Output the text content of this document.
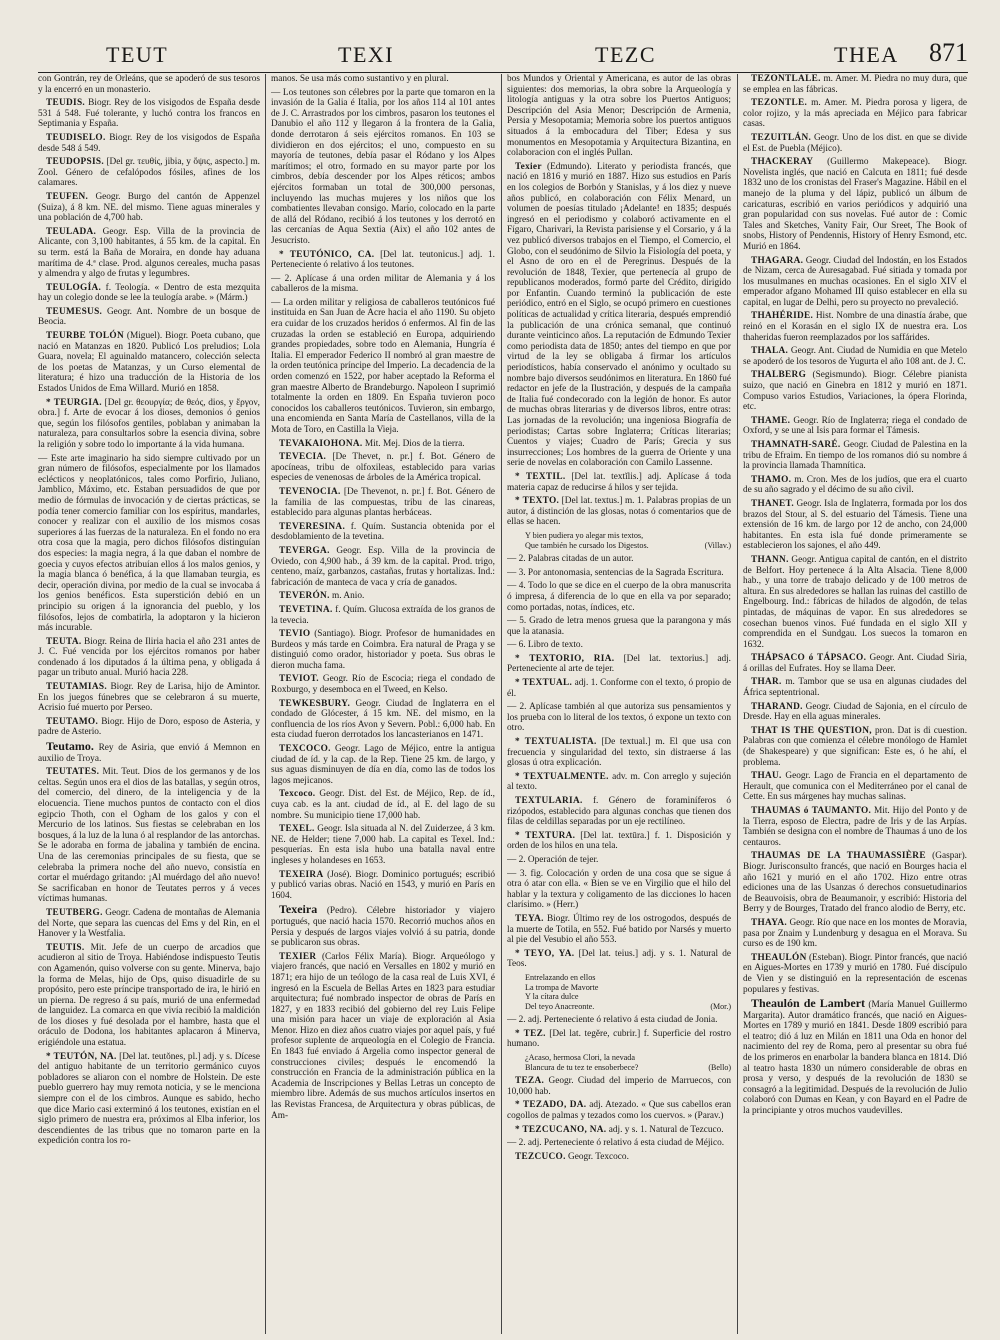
TEUT	TEXI	TEZC	THEA 871

con Gontrán, rey de Orleáns, que se apoderó de sus tesoros y la encerró en un monasterio.

TEUDIS. Biogr. Rey de los visigodos de España desde 531 á 548. Fué tolerante, y luchó contra los francos en Septimania y España.

TEUDISELO. Biogr. Rey de los visigodos de España desde 548 á 549.

TEUDOPSIS. [Del gr. τευθίς, jibia, y ὄψις, aspecto.] m. Zool. Género de cefalópodos fósiles, afines de los calamares.

TEUFEN. Geogr. Burgo del cantón de Appenzel (Suiza), á 8 km. NE. del mismo. Tiene aguas minerales y una población de 4,700 hab.

TEULADA. Geogr. Esp. Villa de la provincia de Alicante, con 3,100 habitantes, á 55 km. de la capital. En su term. está la Baña de Moraira, en donde hay aduana marítima de 4.ª clase. Prod. algunos cereales, mucha pasas y almendra y algo de frutas y legumbres.

TEULOGÍA. f. Teología. « Dentro de esta mezquita hay un colegio donde se lee la teulogía arabe. » (Márm.)

TEUMESUS. Geogr. Ant. Nombre de un bosque de Beocia.

TEURBE TOLÓN (Miguel). Biogr. Poeta cubano, que nació en Matanzas en 1820. Publicó Los preludios; Lola Guara, novela; El aguinaldo matancero, colección selecta de los poetas de Matanzas, y un Curso elemental de literatura; é hizo una traducción de la Historia de los Estados Unidos de Ema Willard. Murió en 1858.

* TEURGIA. [Del gr. θεουργία; de θεός, dios, y ἔργον, obra.] f. Arte de evocar á los dioses, demonios ó genios que, según los filósofos gentiles, poblaban y animaban la naturaleza, para consultarlos sobre la esencia divina, sobre la religión y sobre todo lo importante á la vida humana.

— Este arte imaginario ha sido siempre cultivado por un gran número de filósofos, especialmente por los llamados eclécticos y neoplatónicos, tales como Porfirio, Juliano, Jamblico, Máximo, etc. Estaban persuadidos de que por medio de fórmulas de invocación y de ciertas prácticas, se podía tener comercio familiar con los espíritus, mandarles, conocer y realizar con el auxilio de los mismos cosas superiores á las fuerzas de la naturaleza. En el fondo no era otra cosa que la magia, pero dichos filósofos distinguían dos especies: la magia negra, á la que daban el nombre de goecia y cuyos efectos atribuían ellos á los malos genios, y la magia blanca ó benéfica, á la que llamaban teurgia, es decir, operación divina, por medio de la cual se invocaba á los genios benéficos. Esta superstición debió en un principio su origen á la ignorancia del pueblo, y los filósofos, lejos de combatirla, la adoptaron y la hicieron más incurable.

TEUTA. Biogr. Reina de Iliria hacia el año 231 antes de J. C. Fué vencida por los ejércitos romanos por haber condenado á los diputados á la última pena, y obligada á pagar un tributo anual. Murió hacia 228.

TEUTAMIAS. Biogr. Rey de Larisa, hijo de Amintor. En los juegos fúnebres que se celebraron á su muerte, Acrisio fué muerto por Perseo.

TEUTAMO. Biogr. Hijo de Doro, esposo de Asteria, y padre de Asterio.

Teutamo. Rey de Asiria, que envió á Memnon en auxilio de Troya.

TEUTATES. Mit. Teut. Dios de los germanos y de los celtas. Según unos era el dios de las batallas, y según otros, del comercio, del dinero, de la inteligencia y de la elocuencia. Tiene muchos puntos de contacto con el dios egipcio Thoth, con el Ogham de los galos y con el Mercurio de los latinos. Sus fiestas se celebraban en los bosques, á la luz de la luna ó al resplandor de las antorchas. Se le adoraba en forma de jabalina y también de encina. Una de las ceremonias principales de su fiesta, que se celebraba la primera noche del año nuevo, consistía en cortar el muérdago gritando: ¡Al muérdago del año nuevo! Se sacrificaban en honor de Teutates perros y á veces víctimas humanas.

TEUTBERG. Geogr. Cadena de montañas de Alemania del Norte, que separa las cuencas del Ems y del Rin, en el Hanover y la Westfalia.

TEUTIS. Mit. Jefe de un cuerpo de arcadios que acudieron al sitio de Troya. Habiéndose indispuesto Teutis con Agamenón, quiso volverse con su gente. Minerva, bajo la forma de Melas, hijo de Ops, quiso disuadirle de su propósito, pero este príncipe transportado de ira, le hirió en un pierna. De regreso á su país, murió de una enfermedad de languidez. La comarca en que vivía recibió la maldición de los dioses y fué desolada por el hambre, hasta que el oráculo de Dodona, los habitantes aplacaron á Minerva, erigiéndole una estatua.

* TEUTÓN, NA. [Del lat. teutŏnes, pl.] adj. y s. Dícese del antiguo habitante de un territorio germánico cuyos pobladores se aliaron con el nombre de Holstein. De este pueblo guerrero hay muy remota noticia, y se le menciona siempre con el de los cimbros. Aunque es sabido, hecho que dice Mario casi exterminó á los teutones, existían en el siglo primero de nuestra era, próximos al Elba inferior, los descendientes de las tribus que no tomaron parte en la expedición contra los ro-

manos. Se usa más como sustantivo y en plural.

— Los teutones son célebres por la parte que tomaron en la invasión de la Galia é Italia, por los años 114 al 101 antes de J. C. Arrastrados por los cimbros, pasaron los teutones el Danubio el año 112 y llegaron á la frontera de la Galia, donde derrotaron á seis ejércitos romanos. En 103 se dividieron en dos ejércitos; el uno, compuesto en su mayoría de teutones, debía pasar el Ródano y los Alpes marítimos; el otro, formado en su mayor parte por los cimbros, debía descender por los Alpes réticos; ambos ejércitos formaban un total de 300,000 personas, incluyendo las muchas mujeres y los niños que los combatientes llevaban consigo. Mario, colocado en la parte de allá del Ródano, recibió á los teutones y los derrotó en las cercanías de Aqua Sextia (Aix) el año 102 antes de Jesucristo.

* TEUTÓNICO, CA. [Del lat. teutonicus.] adj. 1. Perteneciente ó relativo á los teutones.

— 2. Aplícase á una orden militar de Alemania y á los caballeros de la misma.

— La orden militar y religiosa de caballeros teutónicos fué instituida en San Juan de Acre hacia el año 1190. Su objeto era cuidar de los cruzados heridos ó enfermos. Al fin de las cruzadas la orden se estableció en Europa, adquiriendo grandes propiedades, sobre todo en Alemania, Hungría é Italia. El emperador Federico II nombró al gran maestre de la orden teutónica príncipe del Imperio. La decadencia de la orden comenzó en 1522, por haber aceptado la Reforma el gran maestre Alberto de Brandeburgo. Napoleon I suprimió totalmente la orden en 1809. En España tuvieron poco conocidos los caballeros teutónicos. Tuvieron, sin embargo, una encomienda en Santa María de Castellanos, villa de la Mota de Toro, en Castilla la Vieja.

TEVAKAIOHONA. Mit. Mej. Dios de la tierra.

TEVECIA. [De Thevet, n. pr.] f. Bot. Género de apocíneas, tribu de olfoxileas, establecido para varias especies de venenosas de árboles de la América tropical.

TEVENOCIA. [De Thevenot, n. pr.] f. Bot. Género de la familia de las compuestas, tribu de las cinareas, establecido para algunas plantas herbáceas.

TEVERESINA. f. Quím. Sustancia obtenida por el desdoblamiento de la tevetina.

TEVERGA. Geogr. Esp. Villa de la provincia de Oviedo, con 4,900 hab., á 39 km. de la capital. Prod. trigo, centeno, maíz, garbanzos, castañas, frutas y hortalizas. Ind.: fabricación de manteca de vaca y cría de ganados.

TEVERÓN. m. Anio.

TEVETINA. f. Quím. Glucosa extraída de los granos de la tevecia.

TEVIO (Santiago). Biogr. Profesor de humanidades en Burdeos y más tarde en Coimbra. Era natural de Praga y se distinguió como orador, historiador y poeta. Sus obras le dieron mucha fama.

TEVIOT. Geogr. Río de Escocia; riega el condado de Roxburgo, y desemboca en el Tweed, en Kelso.

TEWKESBURY. Geogr. Ciudad de Inglaterra en el condado de Glócester, á 15 km. NE. del mismo, en la confluencia de los ríos Avon y Severn. Pobl.: 6,000 hab. En esta ciudad fueron derrotados los lancasterianos en 1471.

TEXCOCO. Geogr. Lago de Méjico, entre la antigua ciudad de íd. y la cap. de la Rep. Tiene 25 km. de largo, y sus aguas disminuyen de día en día, como las de todos los lagos mejicanos.

Texcoco. Geogr. Dist. del Est. de Méjico, Rep. de íd., cuya cab. es la ant. ciudad de íd., al E. del lago de su nombre. Su municipio tiene 17,000 hab.

TEXEL. Geogr. Isla situada al N. del Zuiderzee, á 3 km. NE. de Helder; tiene 7,000 hab. La capital es Texel. Ind.: pesquerías. En esta isla hubo una batalla naval entre ingleses y holandeses en 1653.

TEXEIRA (José). Biogr. Dominico portugués; escribió y publicó varias obras. Nació en 1543, y murió en París en 1604.

Texeira (Pedro). Célebre historiador y viajero portugués, que nació hacia 1570. Recorrió muchos años en Persia y después de largos viajes volvió á su patria, donde se publicaron sus obras.

TEXIER (Carlos Félix María). Biogr. Arqueólogo y viajero francés, que nació en Versalles en 1802 y murió en 1871; era hijo de un teólogo de la casa real de Luis XVI, é ingresó en la Escuela de Bellas Artes en 1823 para estudiar arquitectura; fué nombrado inspector de obras de París en 1827, y en 1833 recibió del gobierno del rey Luis Felipe una misión para hacer un viaje de exploración al Asia Menor. Hizo en diez años cuatro viajes por aquel país, y fué profesor suplente de arqueología en el Colegio de Francia. En 1843 fué enviado á Argelia como inspector general de construcciones civiles; después le encomendó la construcción en Francia de la administración pública en la Academia de Inscripciones y Bellas Letras un concepto de miembro libre. Además de sus muchos artículos insertos en las Revistas Francesa, de Arquitectura y obras públicas, de Am-

bos Mundos y Oriental y Americana, es autor de las obras siguientes: dos memorias, la obra sobre la Arqueología y litología antiguas y la otra sobre los Puertos Antiguos; Descripción del Asia Menor; Descripción de Armenia, Persia y Mesopotamia; Memoria sobre los puertos antiguos situados á la embocadura del Tiber; Edesa y sus monumentos en Mesopotamia y Arquitectura Bizantina, en colaboracion con el inglés Pullan.

Texier (Edmundo). Literato y periodista francés, que nació en 1816 y murió en 1887. Hizo sus estudios en París en los colegios de Borbón y Stanislas, y á los diez y nueve años publicó, en colaboración con Félix Menard, un volumen de poesías titulado ¡Adelante! en 1835; después ingresó en el periodismo y colaboró activamente en el Fígaro, Charivari, la Revista parisiense y el Corsario, y á la vez publicó diversos trabajos en el Tiempo, el Comercio, el Globo, con el seudónimo de Silvio la Fisiología del poeta, y el Asno de oro en el de Peregrinus. Después de la revolución de 1848, Texier, que pertenecía al grupo de republicanos moderados, formó parte del Crédito, dirigido por Enfantin. Cuando terminó la publicación de este periódico, entró en el Siglo, se ocupó primero en cuestiones políticas de actualidad y crítica literaria, después emprendió la publicación de una crónica semanal, que continuó durante veinticinco años. La reputación de Edmundo Texier como periodista data de 1850; antes del tiempo en que por virtud de la ley se obligaba á firmar los artículos periodísticos, había conservado el anónimo y ocultado su nombre bajo diversos seudónimos en literatura. En 1860 fué redactor en jefe de la Ilustración, y después de la campaña de Italia fué condecorado con la legión de honor. Es autor de muchas obras literarias y de diversos libros, entre otras: Las jornadas de la revolución; una ingeniosa Biografía de periodistas; Cartas sobre Inglaterra; Críticas literarias; Cuentos y viajes; Cuadro de París; Grecia y sus insurrecciones; Los hombres de la guerra de Oriente y una serie de novelas en colaboración con Camilo Lassenne.

* TEXTIL. [Del lat. textĭlis.] adj. Aplícase á toda materia capaz de reducirse á hilos y ser tejida.

* TEXTO. [Del lat. textus.] m. 1. Palabras propias de un autor, á distinción de las glosas, notas ó comentarios que de ellas se hacen.

Y bien pudiera yo alegar mis textos,
Que también he cursado los Digestos.	(Villav.)

— 2. Palabras citadas de un autor.

— 3. Por antonomasia, sentencias de la Sagrada Escritura.

— 4. Todo lo que se dice en el cuerpo de la obra manuscrita ó impresa, á diferencia de lo que en ella va por separado; como portadas, notas, índices, etc.

— 5. Grado de letra menos gruesa que la parangona y más que la atanasia.

— 6. Libro de texto.

* TEXTORIO, RIA. [Del lat. textorius.] adj. Perteneciente al arte de tejer.

* TEXTUAL. adj. 1. Conforme con el texto, ó propio de él.

— 2. Aplícase también al que autoriza sus pensamientos y los prueba con lo literal de los textos, ó expone un texto con otro.

* TEXTUALISTA. [De textual.] m. El que usa con frecuencia y singularidad del texto, sin distraerse á las glosas ú otra explicación.

* TEXTUALMENTE. adv. m. Con arreglo y sujeción al texto.

TEXTULARIA. f. Género de foraminíferos ó rizópodos, establecido para algunas conchas que tienen dos filas de celdillas separadas por un eje rectilíneo.

* TEXTURA. [Del lat. textūra.] f. 1. Disposición y orden de los hilos en una tela.

— 2. Operación de tejer.

— 3. fig. Colocación y orden de una cosa que se sigue á otra ó atar con ella. « Bien se ve en Virgilio que el hilo del hablar y la textura y coligamento de las dicciones lo hacen clarísimo. » (Herr.)

TEYA. Biogr. Último rey de los ostrogodos, después de la muerte de Totila, en 552. Fué batido por Narsés y muerto al pie del Vesubio el año 553.

* TEYO, YA. [Del lat. teius.] adj. y s. 1. Natural de Teos.

Entrelazando en ellos
La trompa de Mavorte
Y la cítara dulce
Del teyo Anacreonte.	(Mor.)

— 2. adj. Perteneciente ó relativo á esta ciudad de Jonia.

* TEZ. [Del lat. tegĕre, cubrir.] f. Superficie del rostro humano.

¿Acaso, hermosa Clori, la nevada
Blancura de tu tez te ensoberbece?	(Bello)

TEZA. Geogr. Ciudad del imperio de Marruecos, con 10,000 hab.

* TEZADO, DA. adj. Atezado. « Que sus cabellos eran cogollos de palmas y tezados como los cuervos. » (Parav.)

* TEZCUCANO, NA. adj. y s. 1. Natural de Tezcuco.

— 2. adj. Perteneciente ó relativo á esta ciudad de Méjico.

TEZCUCO. Geogr. Texcoco.

TEZONTLALE. m. Amer. M. Piedra no muy dura, que se emplea en las fábricas.

TEZONTLE. m. Amer. M. Piedra porosa y ligera, de color rojizo, y la más apreciada en Méjico para fabricar casas.

TEZUITLÁN. Geogr. Uno de los dist. en que se divide el Est. de Puebla (Méjico).

THACKERAY (Guillermo Makepeace). Biogr. Novelista inglés, que nació en Calcuta en 1811; fué desde 1832 uno de los cronistas del Fraser's Magazine. Hábil en el manejo de la pluma y del lápiz, publicó un álbum de caricaturas, escribió en varios periódicos y adquirió una gran popularidad con sus novelas. Fué autor de : Comic Tales and Sketches, Vanity Fair, Our Sreet, The Book of snobs, History of Pendennis, History of Henry Esmond, etc. Murió en 1864.

THAGARA. Geogr. Ciudad del Indostán, en los Estados de Nizam, cerca de Auresagabad. Fué sitiada y tomada por los musulmanes en muchas ocasiones. En el siglo XIV el emperador afgano Mohamed III quiso establecer en ella su capital, en lugar de Delhi, pero su proyecto no prevaleció.

THAHÉRIDE. Hist. Nombre de una dinastía árabe, que reinó en el Korasán en el siglo IX de nuestra era. Los thaheridas fueron reemplazados por los saffárides.

THALA. Geogr. Ant. Ciudad de Numidia en que Metelo se apoderó de los tesoros de Yugurta el año 108 ant. de J. C.

THALBERG (Segismundo). Biogr. Célebre pianista suizo, que nació en Ginebra en 1812 y murió en 1871. Compuso varios Estudios, Variaciones, la ópera Florinda, etc.

THAME. Geogr. Río de Inglaterra; riega el condado de Oxford, y se une al Isis para formar el Támesis.

THAMNATH-SARÉ. Geogr. Ciudad de Palestina en la tribu de Efraim. En tiempo de los romanos dió su nombre á la provincia llamada Thamnítica.

THAMO. m. Cron. Mes de los judíos, que era el cuarto de su año sagrado y el décimo de su año civil.

THANET. Geogr. Isla de Inglaterra, formada por los dos brazos del Stour, al S. del estuario del Támesis. Tiene una extensión de 16 km. de largo por 12 de ancho, con 24,000 habitantes. En esta isla fué donde primeramente se establecieron los sajones, el año 449.

THANN. Geogr. Antigua capital de cantón, en el distrito de Belfort. Hoy pertenece á la Alta Alsacia. Tiene 8,000 hab., y una torre de trabajo delicado y de 100 metros de altura. En sus alrededores se hallan las ruinas del castillo de Engelbourg. Ind.: fábricas de hilados de algodón, de telas pintadas, de máquinas de vapor. En sus alrededores se cosechan buenos vinos. Fué fundada en el siglo XII y comprendida en el Sundgau. Los suecos la tomaron en 1632.

THÁPSACO ó TÁPSACO. Geogr. Ant. Ciudad Siria, á orillas del Eufrates. Hoy se llama Deer.

THAR. m. Tambor que se usa en algunas ciudades del África septentrional.

THARAND. Geogr. Ciudad de Sajonia, en el círculo de Dresde. Hay en ella aguas minerales.

THAT IS THE QUESTION, pron. Dat is di cuestion. Palabras con que comienza el célebre monólogo de Hamlet (de Shakespeare) y que significan: Este es, ó he ahí, el problema.

THAU. Geogr. Lago de Francia en el departamento de Herault, que comunica con el Mediterráneo por el canal de Cette. En sus márgenes hay muchas salinas.

THAUMAS ó TAUMANTO. Mit. Hijo del Ponto y de la Tierra, esposo de Electra, padre de Iris y de las Arpías. También se designa con el nombre de Thaumas á uno de los centauros.

THAUMAS DE LA THAUMASSIÈRE (Gaspar). Biogr. Jurisconsulto francés, que nació en Bourges hacia el año 1621 y murió en el año 1702. Hizo entre otras ediciones una de las Usanzas ó derechos consuetudinarios de Beauvoisis, obra de Beaumanoir, y escribió: Historia del Berry y de Bourges, Tratado del franco alodio de Berry, etc.

THAYA. Geogr. Río que nace en los montes de Moravia, pasa por Znaim y Lundenburg y desagua en el Morava. Su curso es de 190 km.

THEAULÓN (Esteban). Biogr. Pintor francés, que nació en Aigues-Mortes en 1739 y murió en 1780. Fué discípulo de Vien y se distinguió en la representación de escenas populares y festivas.

Theaulón de Lambert (María Manuel Guillermo Margarita). Autor dramático francés, que nació en Aigues-Mortes en 1789 y murió en 1841. Desde 1809 escribió para el teatro; dió á luz en Milán en 1811 una Oda en honor del nacimiento del rey de Roma, pero al presentar su obra fué de los primeros en enarbolar la bandera blanca en 1814. Dió al teatro hasta 1830 un número considerable de obras en prosa y verso, y después de la revolución de 1830 se consagró a la legitimidad. Después de la revolución de Julio colaboró con Dumas en Kean, y con Bayard en el Padre de la principiante y otros muchos vaudevilles.
